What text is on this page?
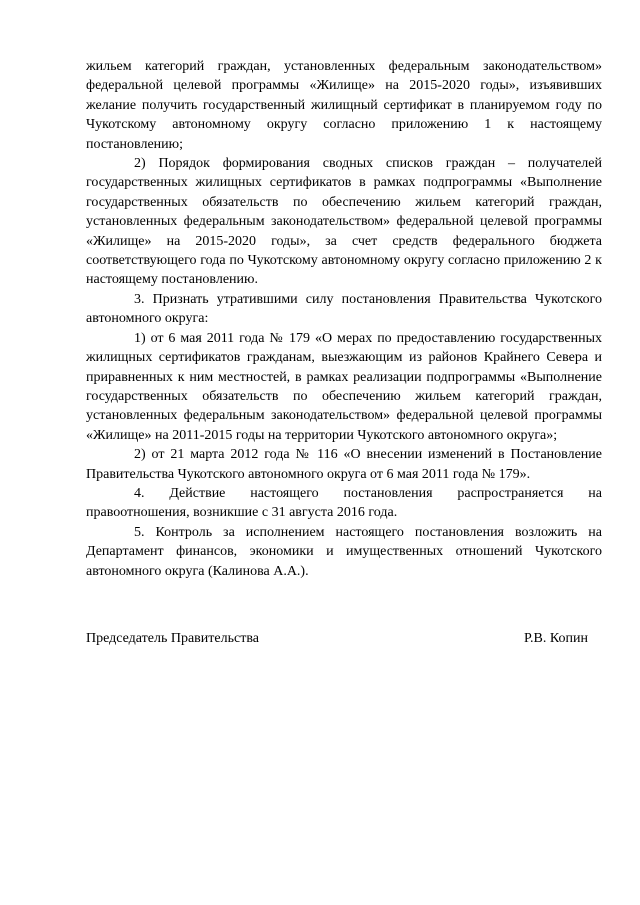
жильем категорий граждан, установленных федеральным законодательством» федеральной целевой программы «Жилище» на 2015-2020 годы», изъявивших желание получить государственный жилищный сертификат в планируемом году по Чукотскому автономному округу согласно приложению 1 к настоящему постановлению;

2) Порядок формирования сводных списков граждан – получателей государственных жилищных сертификатов в рамках подпрограммы «Выполнение государственных обязательств по обеспечению жильем категорий граждан, установленных федеральным законодательством» федеральной целевой программы «Жилище» на 2015-2020 годы», за счет средств федерального бюджета соответствующего года по Чукотскому автономному округу согласно приложению 2 к настоящему постановлению.

3. Признать утратившими силу постановления Правительства Чукотского автономного округа:

1) от 6 мая 2011 года № 179 «О мерах по предоставлению государственных жилищных сертификатов гражданам, выезжающим из районов Крайнего Севера и приравненных к ним местностей, в рамках реализации подпрограммы «Выполнение государственных обязательств по обеспечению жильем категорий граждан, установленных федеральным законодательством» федеральной целевой программы «Жилище» на 2011-2015 годы на территории Чукотского автономного округа»;

2) от 21 марта 2012 года № 116 «О внесении изменений в Постановление Правительства Чукотского автономного округа от 6 мая 2011 года № 179».

4. Действие настоящего постановления распространяется на правоотношения, возникшие с 31 августа 2016 года.

5. Контроль за исполнением настоящего постановления возложить на Департамент финансов, экономики и имущественных отношений Чукотского автономного округа (Калинова А.А.).

Председатель Правительства	Р.В. Копин
